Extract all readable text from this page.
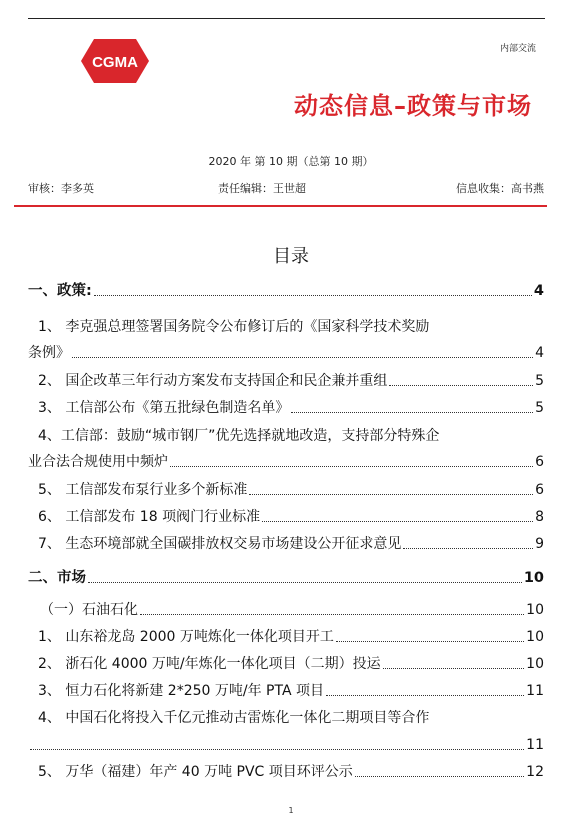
CGMA
内部交流
动态信息–政策与市场
2020 年 第 10 期（总第 10 期）
审核：李多英	责任编辑：王世超	信息收集：高书燕
目录
一、政策:	4
1、 李克强总理签署国务院令公布修订后的《国家科学技术奖励
条例》	4
2、 国企改革三年行动方案发布支持国企和民企兼并重组	5
3、 工信部公布《第五批绿色制造名单》	5
4、工信部：鼓励“城市钢厂”优先选择就地改造，支持部分特殊企
业合法合规使用中频炉	6
5、 工信部发布泵行业多个新标准	6
6、 工信部发布 18 项阀门行业标准	8
7、 生态环境部就全国碳排放权交易市场建设公开征求意见	9
二、市场	10
（一）石油石化	10
1、 山东裕龙岛 2000 万吨炼化一体化项目开工	10
2、 浙石化 4000 万吨/年炼化一体化项目（二期）投运	10
3、 恒力石化将新建 2*250 万吨/年 PTA 项目	11
4、 中国石化将投入千亿元推动古雷炼化一体化二期项目等合作
11
5、 万华（福建）年产 40 万吨 PVC 项目环评公示	12
1
